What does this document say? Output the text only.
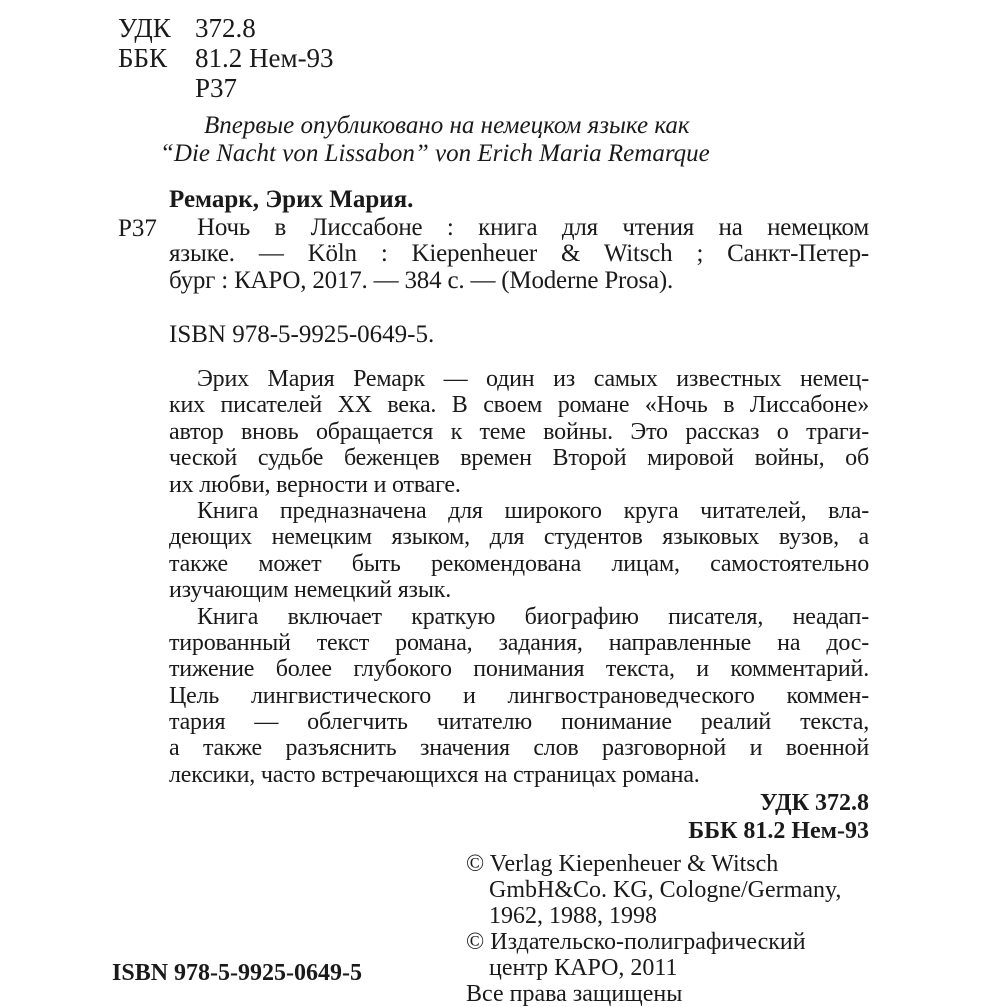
УДК 372.8
ББК 81.2 Нем-93
Р37
Впервые опубликовано на немецком языке как
“Die Nacht von Lissabon” von Erich Maria Remarque
Ремарк, Эрих Мария.
Р37 Ночь в Лиссабоне : книга для чтения на немецком
языке. — Köln : Kiepenheuer & Witsch ; Санкт-Петер-
бург : КАРО, 2017. — 384 с. — (Moderne Prosa).
ISBN 978-5-9925-0649-5.
Эрих Мария Ремарк — один из самых известных немец-
ких писателей XX века. В своем романе «Ночь в Лиссабоне»
автор вновь обращается к теме войны. Это рассказ о траги-
ческой судьбе беженцев времен Второй мировой войны, об
их любви, верности и отваге.
Книга предназначена для широкого круга читателей, вла-
деющих немецким языком, для студентов языковых вузов, а
также может быть рекомендована лицам, самостоятельно
изучающим немецкий язык.
Книга включает краткую биографию писателя, неадап-
тированный текст романа, задания, направленные на дос-
тижение более глубокого понимания текста, и комментарий.
Цель лингвистического и лингвострановедческого коммен-
тария — облегчить читателю понимание реалий текста,
а также разъяснить значения слов разговорной и военной
лексики, часто встречающихся на страницах романа.
УДК 372.8
ББК 81.2 Нем-93
© Verlag Kiepenheuer & Witsch
GmbH&Co. KG, Cologne/Germany,
1962, 1988, 1998
© Издательско-полиграфический
центр КАРО, 2011
Все права защищены
ISBN 978-5-9925-0649-5
